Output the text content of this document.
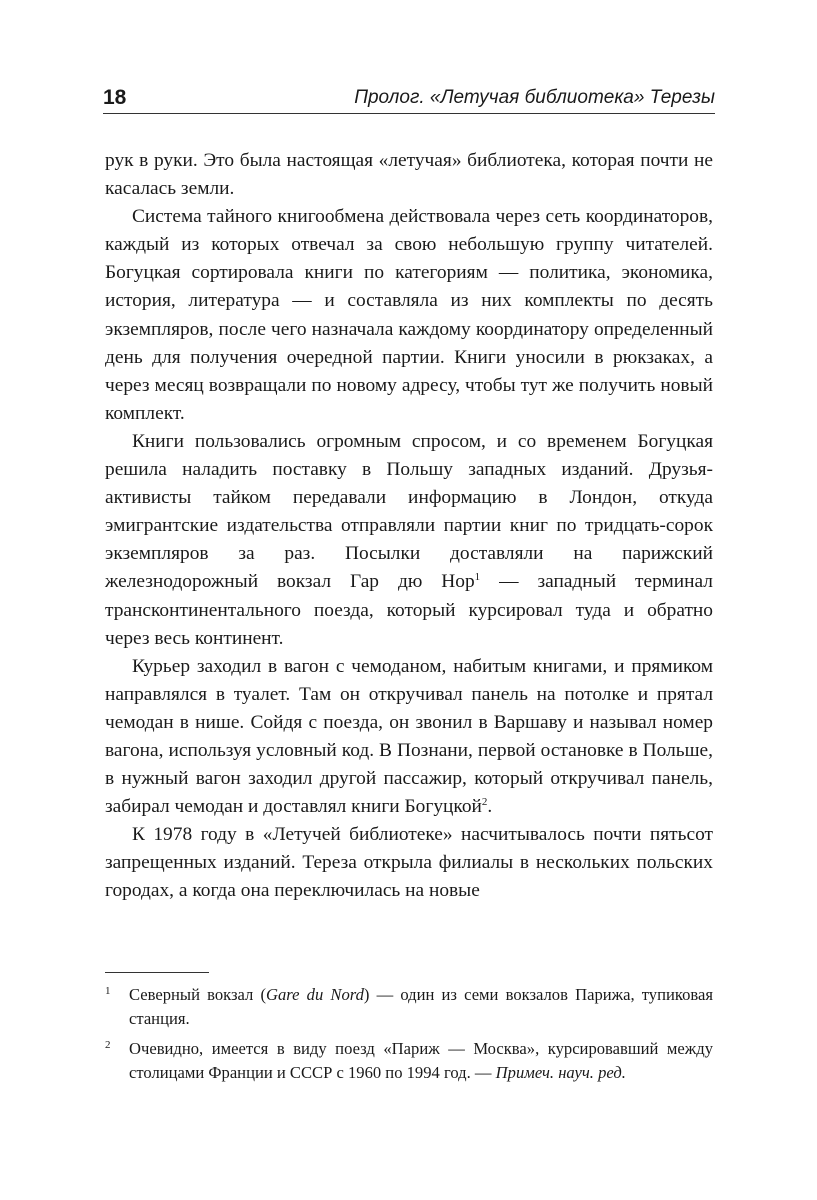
18	Пролог. «Летучая библиотека» Терезы

рук в руки. Это была настоящая «летучая» библиотека, которая почти не касалась земли.

Система тайного книгообмена действовала через сеть координаторов, каждый из которых отвечал за свою небольшую группу читателей. Богуцкая сортировала книги по категориям — политика, экономика, история, литература — и составляла из них комплекты по десять экземпляров, после чего назначала каждому координатору определенный день для получения очередной партии. Книги уносили в рюкзаках, а через месяц возвращали по новому адресу, чтобы тут же получить новый комплект.

Книги пользовались огромным спросом, и со временем Богуцкая решила наладить поставку в Польшу западных изданий. Друзья-активисты тайком передавали информацию в Лондон, откуда эмигрантские издательства отправляли партии книг по тридцать-сорок экземпляров за раз. Посылки доставляли на парижский железнодорожный вокзал Гар дю Нор$^1$ — западный терминал трансконтинентального поезда, который курсировал туда и обратно через весь континент.

Курьер заходил в вагон с чемоданом, набитым книгами, и прямиком направлялся в туалет. Там он откручивал панель на потолке и прятал чемодан в нише. Сойдя с поезда, он звонил в Варшаву и называл номер вагона, используя условный код. В Познани, первой остановке в Польше, в нужный вагон заходил другой пассажир, который откручивал панель, забирал чемодан и доставлял книги Богуцкой$^2$.

К 1978 году в «Летучей библиотеке» насчитывалось почти пятьсот запрещенных изданий. Тереза открыла филиалы в нескольких польских городах, а когда она переключилась на новые

1 Северный вокзал (Gare du Nord) — один из семи вокзалов Парижа, тупиковая станция.
2 Очевидно, имеется в виду поезд «Париж — Москва», курсировавший между столицами Франции и СССР с 1960 по 1994 год. — Примеч. науч. ред.
